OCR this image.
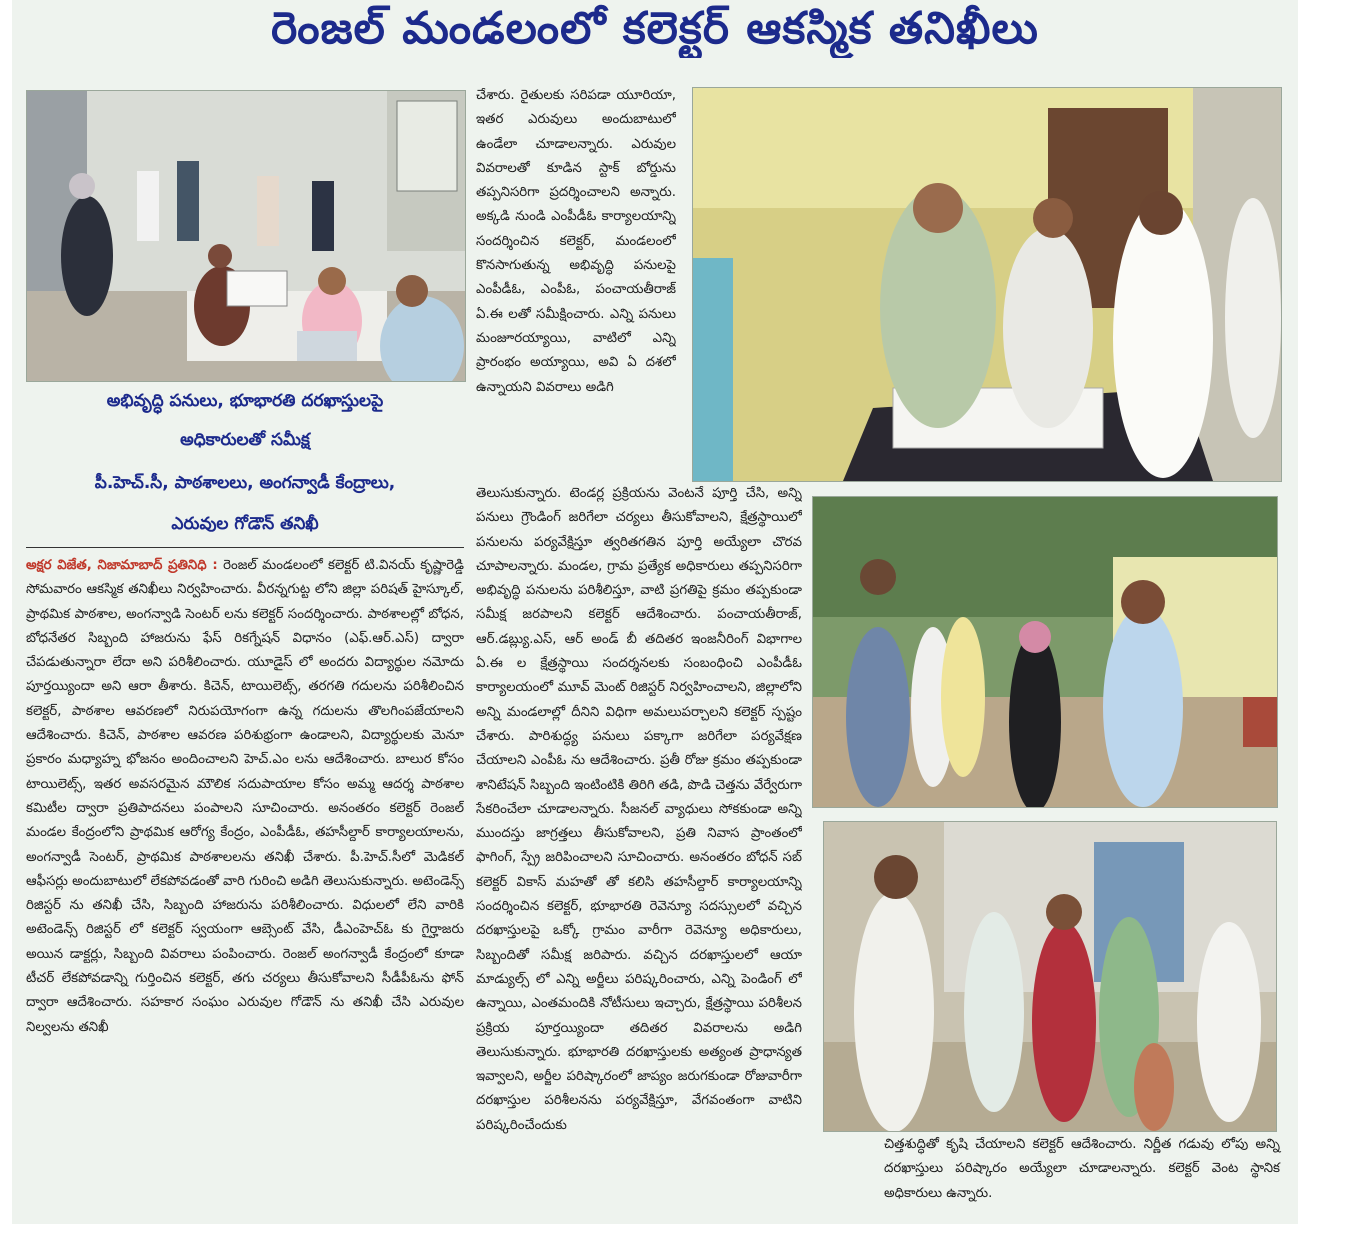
రెంజల్ మండలంలో కలెక్టర్ ఆకస్మిక తనిఖీలు
అభివృద్ధి పనులు, భూభారతి దరఖాస్తులపై
అధికారులతో సమీక్ష
పీ.హెచ్.సీ, పాఠశాలలు, అంగన్వాడీ కేంద్రాలు,
ఎరువుల గోడౌన్ తనిఖీ

అక్షర విజేత, నిజామాబాద్ ప్రతినిధి : రెంజల్ మండలంలో కలెక్టర్ టి.వినయ్ కృష్ణారెడ్డి సోమవారం ఆకస్మిక తనిఖీలు నిర్వహించారు. వీరన్నగుట్ట లోని జిల్లా పరిషత్ హైస్కూల్, ప్రాథమిక పాఠశాల, అంగన్వాడి సెంటర్ లను కలెక్టర్ సందర్శించారు. పాఠశాలల్లో బోధన, బోధనేతర సిబ్బంది హాజరును ఫేస్ రికగ్నేషన్ విధానం (ఎఫ్.ఆర్.ఎస్) ద్వారా చేపడుతున్నారా లేదా అని పరిశీలించారు. యూడైస్ లో అందరు విద్యార్థుల నమోదు పూర్తయ్యిందా అని ఆరా తీశారు. కిచెన్, టాయిలెట్స్, తరగతి గదులను పరిశీలించిన కలెక్టర్, పాఠశాల ఆవరణలో నిరుపయోగంగా ఉన్న గదులను తొలగింపజేయాలని ఆదేశించారు. కిచెన్, పాఠశాల ఆవరణ పరిశుభ్రంగా ఉండాలని, విద్యార్థులకు మెనూ ప్రకారం మధ్యాహ్న భోజనం అందించాలని హెచ్.ఎం లను ఆదేశించారు. బాలుర కోసం టాయిలెట్స్, ఇతర అవసరమైన మౌలిక సదుపాయాల కోసం అమ్మ ఆదర్శ పాఠశాల కమిటీల ద్వారా ప్రతిపాదనలు పంపాలని సూచించారు. అనంతరం కలెక్టర్ రెంజల్ మండల కేంద్రంలోని ప్రాథమిక ఆరోగ్య కేంద్రం, ఎంపీడీఓ, తహసీల్దార్ కార్యాలయాలను, అంగన్వాడీ సెంటర్, ప్రాథమిక పాఠశాలలను తనిఖీ చేశారు. పీ.హెచ్.సీలో మెడికల్ ఆఫీసర్లు అందుబాటులో లేకపోవడంతో వారి గురించి అడిగి తెలుసుకున్నారు. అటెండెన్స్ రిజిస్టర్ ను తనిఖీ చేసి, సిబ్బంది హాజరును పరిశీలించారు. విధులలో లేని వారికి అటెండెన్స్ రిజిస్టర్ లో కలెక్టర్ స్వయంగా ఆబ్సెంట్ వేసి, డీఎంహెచ్ఓ కు గైర్హాజరు అయిన డాక్టర్లు, సిబ్బంది వివరాలు పంపించారు. రెంజల్ అంగన్వాడీ కేంద్రంలో కూడా టీచర్ లేకపోవడాన్ని గుర్తించిన కలెక్టర్, తగు చర్యలు తీసుకోవాలని సీడీపీఓను ఫోన్ ద్వారా ఆదేశించారు. సహకార సంఘం ఎరువుల గోడౌన్ ను తనిఖీ చేసి ఎరువుల నిల్వలను తనిఖీ

చేశారు. రైతులకు సరిపడా యూరియా, ఇతర ఎరువులు అందుబాటులో ఉండేలా చూడాలన్నారు. ఎరువుల వివరాలతో కూడిన స్టాక్ బోర్డును తప్పనిసరిగా ప్రదర్శించాలని అన్నారు. అక్కడి నుండి ఎంపీడీఓ కార్యాలయాన్ని సందర్శించిన కలెక్టర్, మండలంలో కొనసాగుతున్న అభివృద్ధి పనులపై ఎంపీడీఓ, ఎంపీఓ, పంచాయతీరాజ్ ఏ.ఈ లతో సమీక్షించారు. ఎన్ని పనులు మంజూరయ్యాయి, వాటిలో ఎన్ని ప్రారంభం అయ్యాయి, అవి ఏ దశలో ఉన్నాయని వివరాలు అడిగి

తెలుసుకున్నారు. టెండర్ల ప్రక్రియను వెంటనే పూర్తి చేసి, అన్ని పనులు గ్రౌండింగ్ జరిగేలా చర్యలు తీసుకోవాలని, క్షేత్రస్థాయిలో పనులను పర్యవేక్షిస్తూ త్వరితగతిన పూర్తి అయ్యేలా చొరవ చూపాలన్నారు. మండల, గ్రామ ప్రత్యేక అధికారులు తప్పనిసరిగా అభివృద్ధి పనులను పరిశీలిస్తూ, వాటి ప్రగతిపై క్రమం తప్పకుండా సమీక్ష జరపాలని కలెక్టర్ ఆదేశించారు. పంచాయతీరాజ్, ఆర్.డబ్ల్యు.ఎస్, ఆర్ అండ్ బీ తదితర ఇంజనీరింగ్ విభాగాల ఏ.ఈ ల క్షేత్రస్థాయి సందర్శనలకు సంబంధించి ఎంపీడీఓ కార్యాలయంలో మూవ్ మెంట్ రిజిస్టర్ నిర్వహించాలని, జిల్లాలోని అన్ని మండలాల్లో దీనిని విధిగా అమలుపర్చాలని కలెక్టర్ స్పష్టం చేశారు. పారిశుద్ధ్య పనులు పక్కాగా జరిగేలా పర్యవేక్షణ చేయాలని ఎంపీఓ ను ఆదేశించారు. ప్రతీ రోజు క్రమం తప్పకుండా శానిటేషన్ సిబ్బంది ఇంటింటికి తిరిగి తడి, పొడి చెత్తను వేర్వేరుగా సేకరించేలా చూడాలన్నారు. సీజనల్ వ్యాధులు సోకకుండా అన్ని ముందస్తు జాగ్రత్తలు తీసుకోవాలని, ప్రతి నివాస ప్రాంతంలో ఫాగింగ్, స్ప్రే జరిపించాలని సూచించారు. అనంతరం బోధన్ సబ్ కలెక్టర్ వికాస్ మహతో తో కలిసి తహసీల్దార్ కార్యాలయాన్ని సందర్శించిన కలెక్టర్, భూభారతి రెవెన్యూ సదస్సులలో వచ్చిన దరఖాస్తులపై ఒక్కో గ్రామం వారీగా రెవెన్యూ అధికారులు, సిబ్బందితో సమీక్ష జరిపారు. వచ్చిన దరఖాస్తులలో ఆయా మాడ్యుల్స్ లో ఎన్ని అర్జీలు పరిష్కరించారు, ఎన్ని పెండింగ్ లో ఉన్నాయి, ఎంతమందికి నోటీసులు ఇచ్చారు, క్షేత్రస్థాయి పరిశీలన ప్రక్రియ పూర్తయ్యిందా తదితర వివరాలను అడిగి తెలుసుకున్నారు. భూభారతి దరఖాస్తులకు అత్యంత ప్రాధాన్యత ఇవ్వాలని, అర్జీల పరిష్కారంలో జాప్యం జరుగకుండా రోజువారీగా దరఖాస్తుల పరిశీలనను పర్యవేక్షిస్తూ, వేగవంతంగా వాటిని పరిష్కరించేందుకు

చిత్తశుద్ధితో కృషి చేయాలని కలెక్టర్ ఆదేశించారు. నిర్ణీత గడువు లోపు అన్ని దరఖాస్తులు పరిష్కారం అయ్యేలా చూడాలన్నారు. కలెక్టర్ వెంట స్థానిక అధికారులు ఉన్నారు.
